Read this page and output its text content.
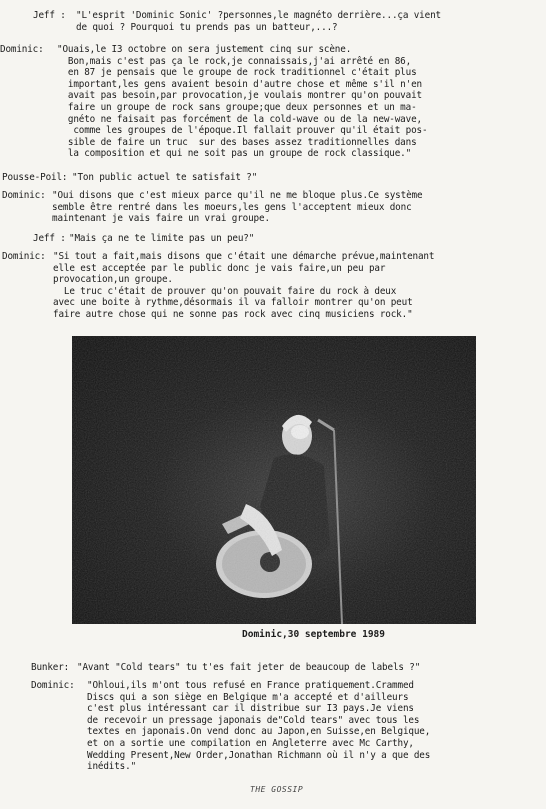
Jeff : "L'esprit 'Dominic Sonic' ?personnes,le magnéto derrière...ça vient
de quoi ? Pourquoi tu prends pas un batteur,...?
Dominic: "Ouais,le I3 octobre on sera justement cinq sur scène.
Bon,mais c'est pas ça le rock,je connaissais,j'ai arrêté en 86,
en 87 je pensais que le groupe de rock traditionnel c'était plus
important,les gens avaient besoin d'autre chose et même s'il n'en
avait pas besoin,par provocation,je voulais montrer qu'on pouvait
faire un groupe de rock sans groupe;que deux personnes et un ma-
gnéto ne faisait pas forcément de la cold-wave ou de la new-wave,
comme les groupes de l'époque.Il fallait prouver qu'il était pos-
sible de faire un truc  sur des bases assez traditionnelles dans
la composition et qui ne soit pas un groupe de rock classique."
Pousse-Poil: "Ton public actuel te satisfait ?"
Dominic: "Oui disons que c'est mieux parce qu'il ne me bloque plus.Ce système
semble être rentré dans les moeurs,les gens l'acceptent mieux donc
maintenant je vais faire un vrai groupe.
Jeff : "Mais ça ne te limite pas un peu?"
Dominic: "Si tout a fait,mais disons que c'était une démarche prévue,maintenant
elle est acceptée par le public donc je vais faire,un peu par
provocation,un groupe.
Le truc c'était de prouver qu'on pouvait faire du rock à deux
avec une boite à rythme,désormais il va falloir montrer qu'on peut
faire autre chose qui ne sonne pas rock avec cinq musiciens rock."
Dominic,30 septembre 1989
Bunker: "Avant "Cold tears" tu t'es fait jeter de beaucoup de labels ?"
Dominic: "Ohloui,ils m'ont tous refusé en France pratiquement.Crammed
Discs qui a son siège en Belgique m'a accepté et d'ailleurs
c'est plus intéressant car il distribue sur I3 pays.Je viens
de recevoir un pressage japonais de"Cold tears" avec tous les
textes en japonais.On vend donc au Japon,en Suisse,en Belgique,
et on a sortie une compilation en Angleterre avec Mc Carthy,
Wedding Present,New Order,Jonathan Richmann où il n'y a que des
inédits."
THE GOSSIP
